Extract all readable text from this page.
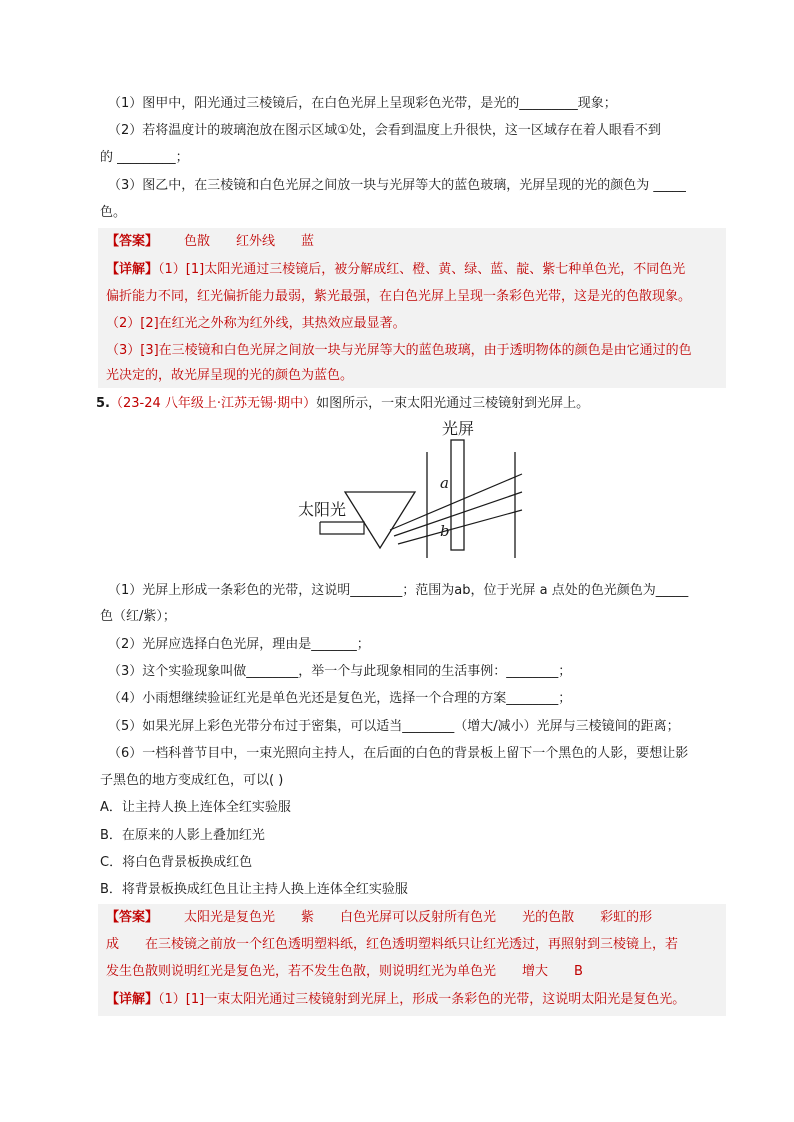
（1）图甲中，阳光通过三棱镜后，在白色光屏上呈现彩色光带，是光的_________现象；
（2）若将温度计的玻璃泡放在图示区域①处，会看到温度上升很快，这一区域存在着人眼看不到
的 _________；
（3）图乙中，在三棱镜和白色光屏之间放一块与光屏等大的蓝色玻璃，光屏呈现的光的颜色为 _____
色。
【答案】 色散 红外线 蓝
【详解】（1）[1]太阳光通过三棱镜后，被分解成红、橙、黄、绿、蓝、靛、紫七种单色光，不同色光
偏折能力不同，红光偏折能力最弱，紫光最强，在白色光屏上呈现一条彩色光带，这是光的色散现象。
（2）[2]在红光之外称为红外线，其热效应最显著。
（3）[3]在三棱镜和白色光屏之间放一块与光屏等大的蓝色玻璃，由于透明物体的颜色是由它通过的色
光决定的，故光屏呈现的光的颜色为蓝色。
5.（23-24 八年级上·江苏无锡·期中）如图所示，一束太阳光通过三棱镜射到光屏上。
光屏
太阳光
a
b
（1）光屏上形成一条彩色的光带，这说明________；范围为ab，位于光屏 a 点处的色光颜色为_____
色（红/紫）；
（2）光屏应选择白色光屏，理由是_______；
（3）这个实验现象叫做________，举一个与此现象相同的生活事例：________；
（4）小雨想继续验证红光是单色光还是复色光，选择一个合理的方案________；
（5）如果光屏上彩色光带分布过于密集，可以适当________（增大/减小）光屏与三棱镜间的距离；
（6）一档科普节目中，一束光照向主持人，在后面的白色的背景板上留下一个黑色的人影，要想让影
子黑色的地方变成红色，可以( )
A．让主持人换上连体全红实验服
B．在原来的人影上叠加红光
C．将白色背景板换成红色
B．将背景板换成红色且让主持人换上连体全红实验服
【答案】 太阳光是复色光 紫 白色光屏可以反射所有色光 光的色散 彩虹的形
成 在三棱镜之前放一个红色透明塑料纸，红色透明塑料纸只让红光透过，再照射到三棱镜上，若
发生色散则说明红光是复色光，若不发生色散，则说明红光为单色光 增大 B
【详解】（1）[1]一束太阳光通过三棱镜射到光屏上，形成一条彩色的光带，这说明太阳光是复色光。
